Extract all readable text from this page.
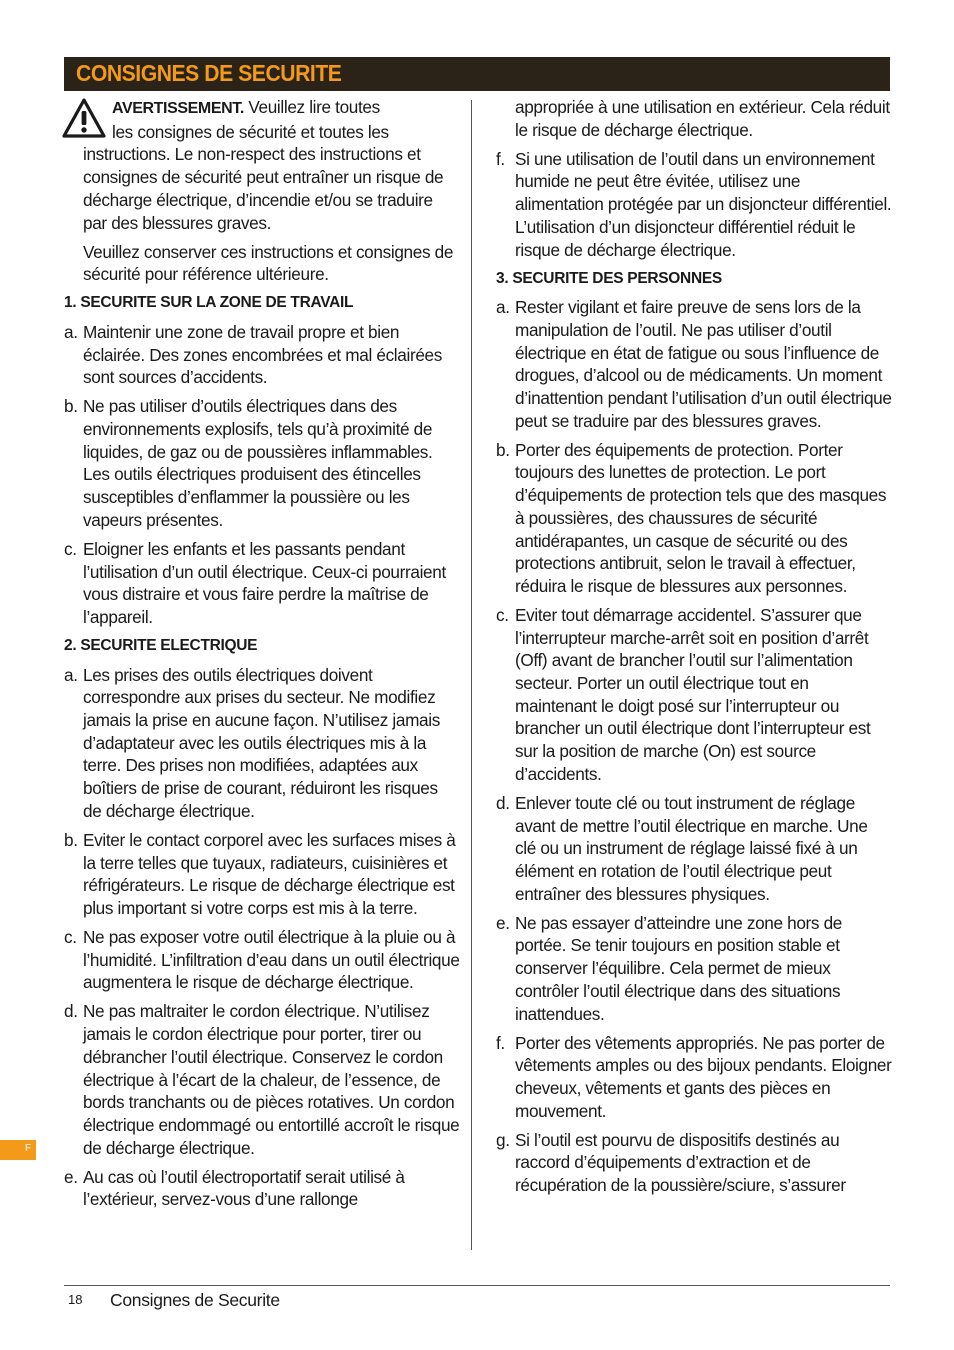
CONSIGNES DE SECURITE

AVERTISSEMENT. Veuillez lire toutes
les consignes de sécurité et toutes les instructions. Le non-respect des instructions et consignes de sécurité peut entraîner un risque de décharge électrique, d’incendie et/ou se traduire par des blessures graves.

Veuillez conserver ces instructions et consignes de sécurité pour référence ultérieure.

1. SECURITE SUR LA ZONE DE TRAVAIL

a. Maintenir une zone de travail propre et bien éclairée. Des zones encombrées et mal éclairées sont sources d’accidents.

b. Ne pas utiliser d’outils électriques dans des environnements explosifs, tels qu’à proximité de liquides, de gaz ou de poussières inflammables. Les outils électriques produisent des étincelles susceptibles d’enflammer la poussière ou les vapeurs présentes.

c. Eloigner les enfants et les passants pendant l’utilisation d’un outil électrique. Ceux-ci pourraient vous distraire et vous faire perdre la maîtrise de l’appareil.

2. SECURITE ELECTRIQUE

a. Les prises des outils électriques doivent correspondre aux prises du secteur. Ne modifiez jamais la prise en aucune façon. N’utilisez jamais d’adaptateur avec les outils électriques mis à la terre. Des prises non modifiées, adaptées aux boîtiers de prise de courant, réduiront les risques de décharge électrique.

b. Eviter le contact corporel avec les surfaces mises à la terre telles que tuyaux, radiateurs, cuisinières et réfrigérateurs. Le risque de décharge électrique est plus important si votre corps est mis à la terre.

c. Ne pas exposer votre outil électrique à la pluie ou à l’humidité. L’infiltration d’eau dans un outil électrique augmentera le risque de décharge électrique.

d. Ne pas maltraiter le cordon électrique. N’utilisez jamais le cordon électrique pour porter, tirer ou débrancher l’outil électrique. Conservez le cordon électrique à l’écart de la chaleur, de l’essence, de bords tranchants ou de pièces rotatives. Un cordon électrique endommagé ou entortillé accroît le risque de décharge électrique.

e. Au cas où l’outil électroportatif serait utilisé à l’extérieur, servez-vous d’une rallonge

appropriée à une utilisation en extérieur. Cela réduit le risque de décharge électrique.

f. Si une utilisation de l’outil dans un environnement humide ne peut être évitée, utilisez une alimentation protégée par un disjoncteur différentiel. L’utilisation d’un disjoncteur différentiel réduit le risque de décharge électrique.

3. SECURITE DES PERSONNES

a. Rester vigilant et faire preuve de sens lors de la manipulation de l’outil. Ne pas utiliser d’outil électrique en état de fatigue ou sous l’influence de drogues, d’alcool ou de médicaments. Un moment d’inattention pendant l’utilisation d’un outil électrique peut se traduire par des blessures graves.

b. Porter des équipements de protection. Porter toujours des lunettes de protection. Le port d’équipements de protection tels que des masques à poussières, des chaussures de sécurité antidérapantes, un casque de sécurité ou des protections antibruit, selon le travail à effectuer, réduira le risque de blessures aux personnes.

c. Eviter tout démarrage accidentel. S’assurer que l’interrupteur marche-arrêt soit en position d’arrêt (Off) avant de brancher l’outil sur l’alimentation secteur. Porter un outil électrique tout en maintenant le doigt posé sur l’interrupteur ou brancher un outil électrique dont l’interrupteur est sur la position de marche (On) est source d’accidents.

d. Enlever toute clé ou tout instrument de réglage avant de mettre l’outil électrique en marche. Une clé ou un instrument de réglage laissé fixé à un élément en rotation de l’outil électrique peut entraîner des blessures physiques.

e. Ne pas essayer d’atteindre une zone hors de portée. Se tenir toujours en position stable et conserver l’équilibre. Cela permet de mieux contrôler l’outil électrique dans des situations inattendues.

f. Porter des vêtements appropriés. Ne pas porter de vêtements amples ou des bijoux pendants. Eloigner cheveux, vêtements et gants des pièces en mouvement.

g. Si l’outil est pourvu de dispositifs destinés au raccord d’équipements d’extraction et de récupération de la poussière/sciure, s’assurer

F
18 Consignes de Securite
